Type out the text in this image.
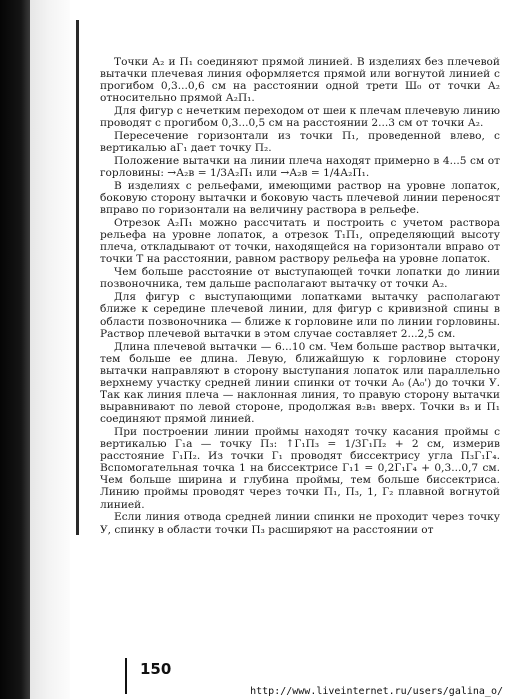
Точки А₂ и П₁ соединяют прямой линией. В изделиях без плечевой вытачки плечевая линия оформляется прямой или вогнутой линией с прогибом 0,3...0,6 см на расстоянии одной трети Ш₀ от точки А₂ относительно прямой А₂П₁.

Для фигур с нечетким переходом от шеи к плечам плечевую линию проводят с прогибом 0,3...0,5 см на расстоянии 2...3 см от точки А₂.

Пересечение горизонтали из точки П₁, проведенной влево, с вертикалью аГ₁ дает точку П₂.

Положение вытачки на линии плеча находят примерно в 4...5 см от горловины: →А₂в = 1/3А₂П₁ или →А₂в = 1/4А₂П₁.

В изделиях с рельефами, имеющими раствор на уровне лопаток, боковую сторону вытачки и боковую часть плечевой линии переносят вправо по горизонтали на величину раствора в рельефе.

Отрезок А₂П₁ можно рассчитать и построить с учетом раствора рельефа на уровне лопаток, а отрезок Т₁П₁, определяющий высоту плеча, откладывают от точки, находящейся на горизонтали вправо от точки Т на расстоянии, равном раствору рельефа на уровне лопаток.

Чем больше расстояние от выступающей точки лопатки до линии позвоночника, тем дальше располагают вытачку от точки А₂.

Для фигур с выступающими лопатками вытачку располагают ближе к середине плечевой линии, для фигур с кривизной спины в области позвоночника — ближе к горловине или по линии горловины. Раствор плечевой вытачки в этом случае составляет 2...2,5 см.

Длина плечевой вытачки — 6...10 см. Чем больше раствор вытачки, тем больше ее длина. Левую, ближайшую к горловине сторону вытачки направляют в сторону выступания лопаток или параллельно верхнему участку средней линии спинки от точки А₀ (А₀') до точки У. Так как линия плеча — наклонная линия, то правую сторону вытачки выравнивают по левой стороне, продолжая в₂в₁ вверх. Точки в₃ и П₁ соединяют прямой линией.

При построении линии проймы находят точку касания проймы с вертикалью Г₁а — точку П₃: ↑Г₁П₃ = 1/3Г₁П₂ + 2 см, измерив расстояние Г₁П₂. Из точки Г₁ проводят биссектрису угла П₃Г₁Г₄. Вспомогательная точка 1 на биссектрисе Г₁1 = 0,2Г₁Г₄ + 0,3...0,7 см. Чем больше ширина и глубина проймы, тем больше биссектриса. Линию проймы проводят через точки П₁, П₃, 1, Г₂ плавной вогнутой линией.

Если линия отвода средней линии спинки не проходит через точку У, спинку в области точки П₃ расширяют на расстоянии от

150
http://www.liveinternet.ru/users/galina_o/
